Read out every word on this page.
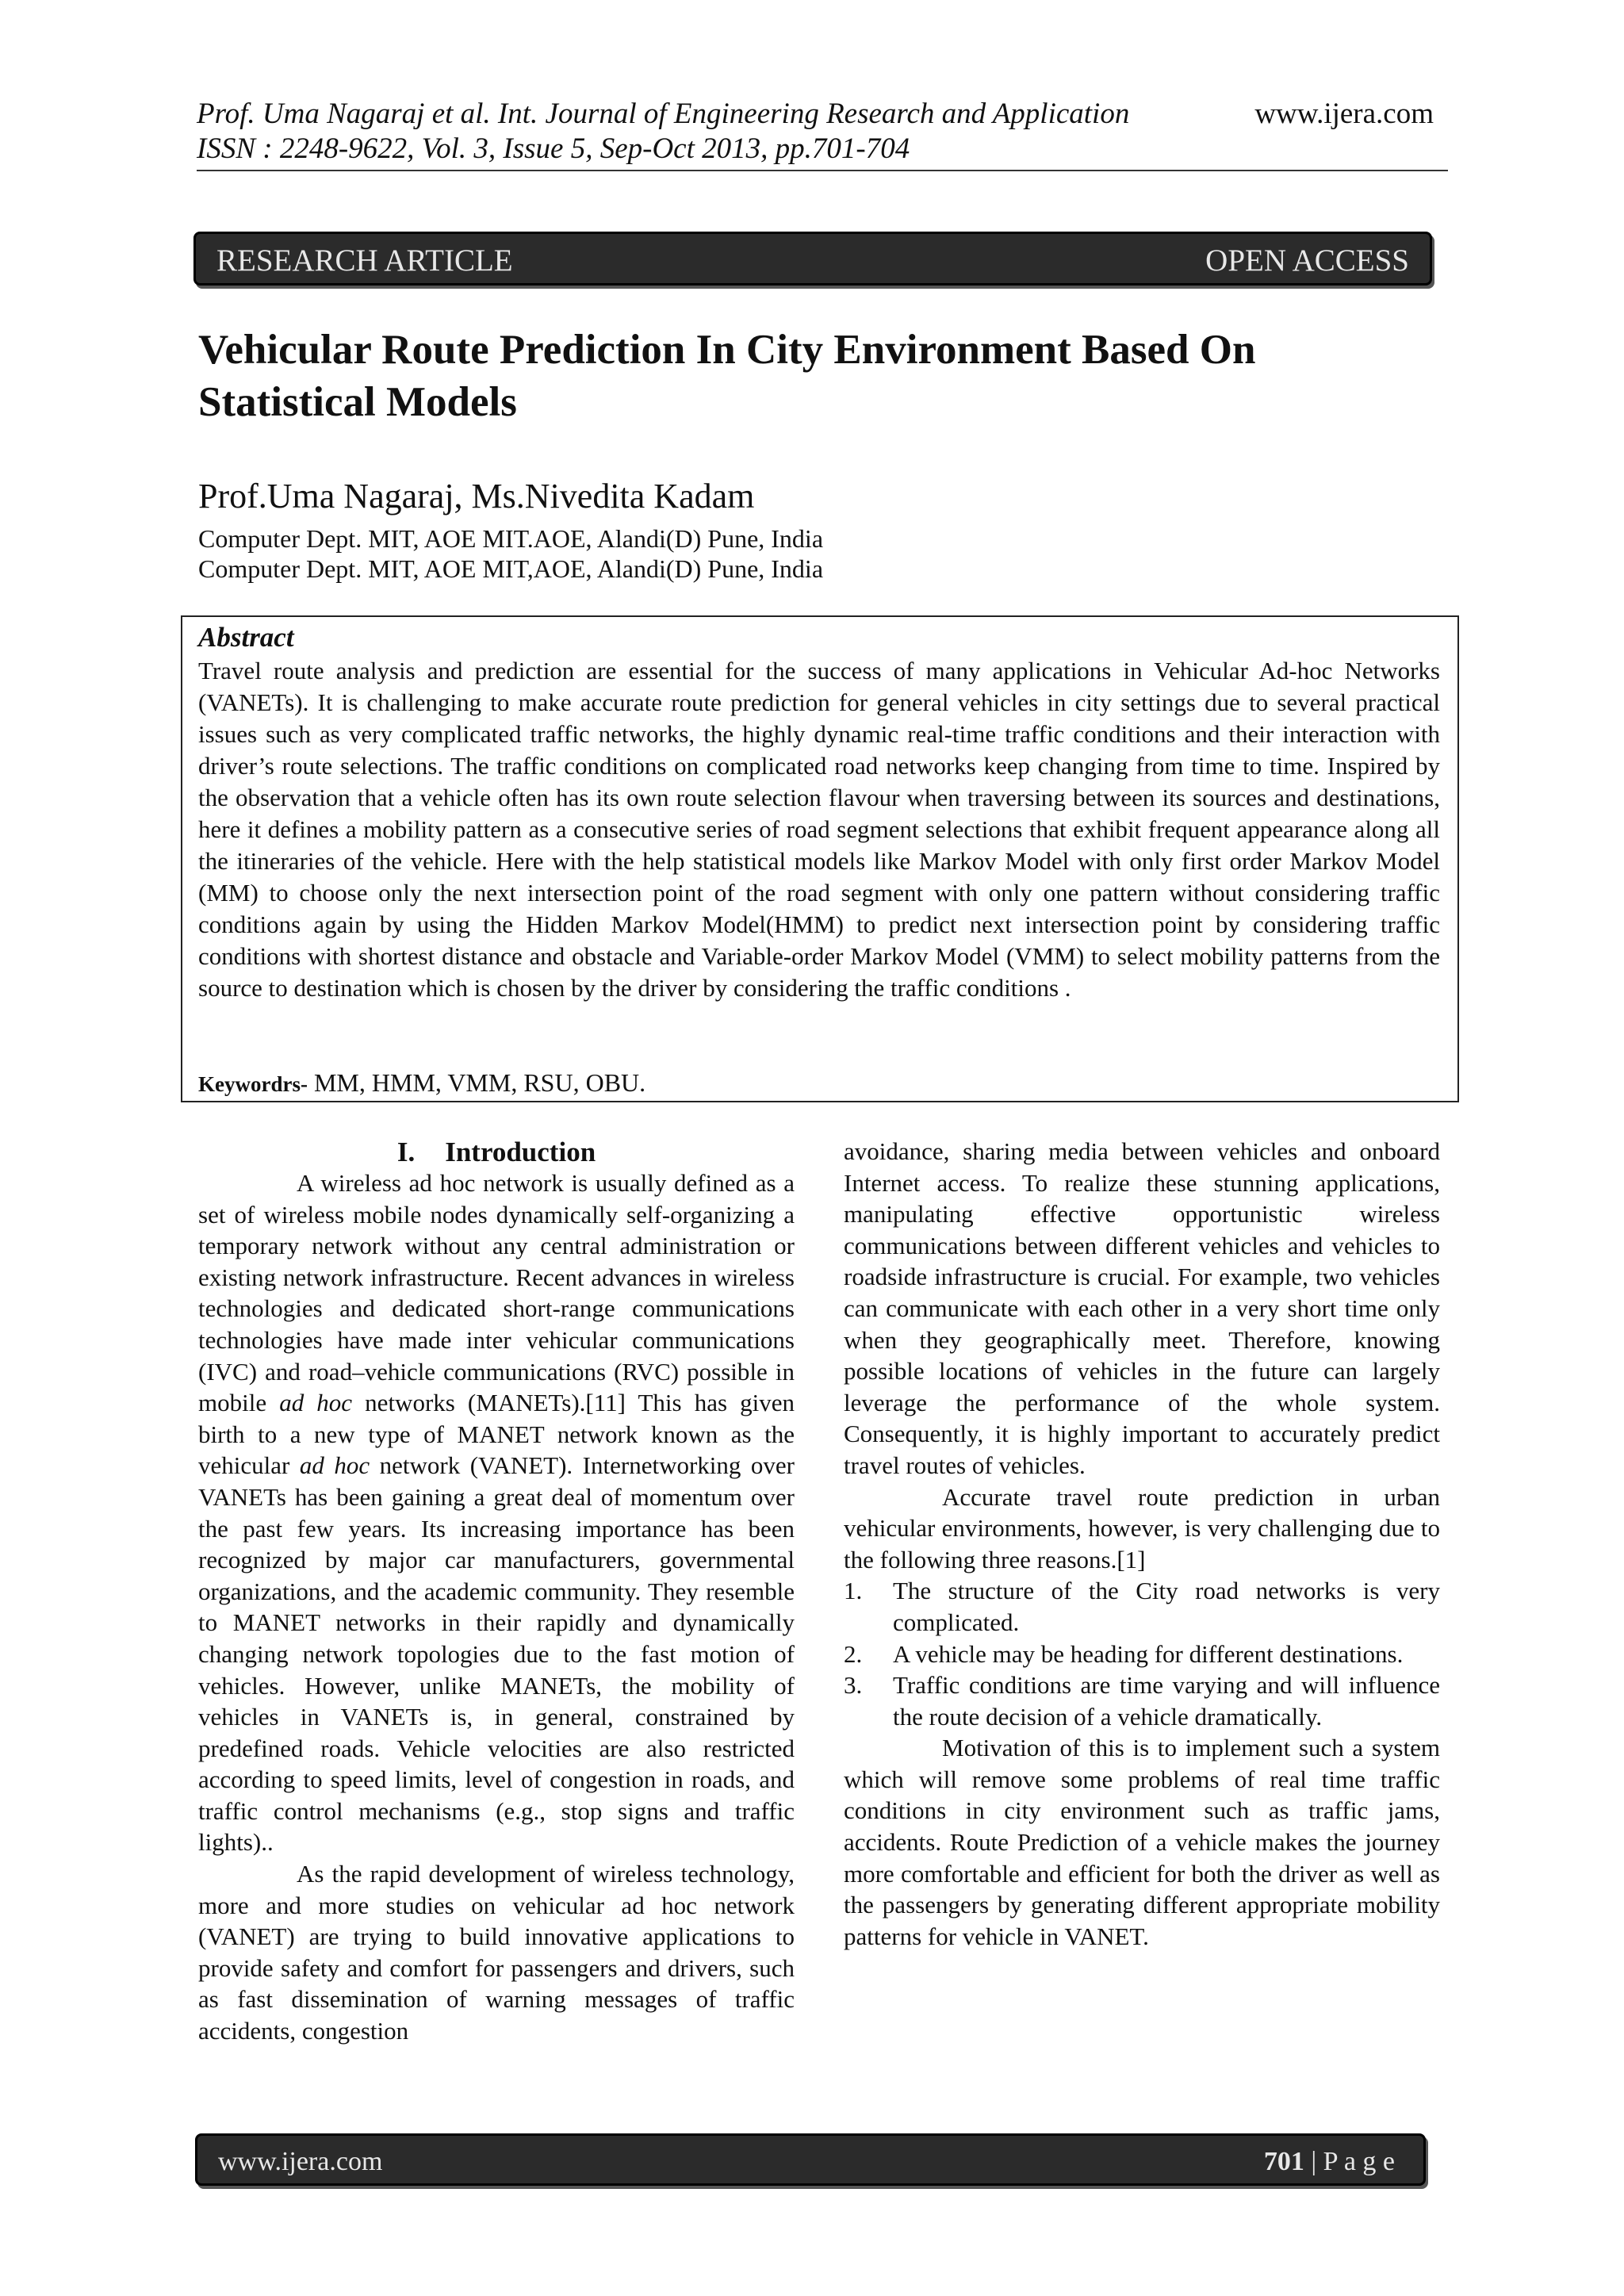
Prof. Uma Nagaraj et al. Int. Journal of Engineering Research and Application
ISSN : 2248-9622, Vol. 3, Issue 5, Sep-Oct 2013, pp.701-704
www.ijera.com
RESEARCH ARTICLE	OPEN ACCESS
Vehicular Route Prediction In City Environment Based On Statistical Models
Prof.Uma Nagaraj, Ms.Nivedita Kadam
Computer Dept. MIT, AOE MIT.AOE, Alandi(D) Pune, India
Computer Dept. MIT, AOE MIT,AOE, Alandi(D) Pune, India
Abstract
Travel route analysis and prediction are essential for the success of many applications in Vehicular Ad-hoc Networks (VANETs). It is challenging to make accurate route prediction for general vehicles in city settings due to several practical issues such as very complicated traffic networks, the highly dynamic real-time traffic conditions and their interaction with driver’s route selections. The traffic conditions on complicated road networks keep changing from time to time. Inspired by the observation that a vehicle often has its own route selection flavour when traversing between its sources and destinations, here it defines a mobility pattern as a consecutive series of road segment selections that exhibit frequent appearance along all the itineraries of the vehicle. Here with the help statistical models like Markov Model with only first order Markov Model (MM) to choose only the next intersection point of the road segment with only one pattern without considering traffic conditions again by using the Hidden Markov Model(HMM) to predict next intersection point by considering traffic conditions with shortest distance and obstacle and Variable-order Markov Model (VMM) to select mobility patterns from the source to destination which is chosen by the driver by considering the traffic conditions .
Keywordrs- MM, HMM, VMM, RSU, OBU.
I. Introduction

A wireless ad hoc network is usually defined as a set of wireless mobile nodes dynamically self-organizing a temporary network without any central administration or existing network infrastructure. Recent advances in wireless technologies and dedicated short-range communications technologies have made inter vehicular communications (IVC) and road–vehicle communications (RVC) possible in mobile ad hoc networks (MANETs).[11] This has given birth to a new type of MANET network known as the vehicular ad hoc network (VANET). Internetworking over VANETs has been gaining a great deal of momentum over the past few years. Its increasing importance has been recognized by major car manufacturers, governmental organizations, and the academic community. They resemble to MANET networks in their rapidly and dynamically changing network topologies due to the fast motion of vehicles. However, unlike MANETs, the mobility of vehicles in VANETs is, in general, constrained by predefined roads. Vehicle velocities are also restricted according to speed limits, level of congestion in roads, and traffic control mechanisms (e.g., stop signs and traffic lights)..

As the rapid development of wireless technology, more and more studies on vehicular ad hoc network (VANET) are trying to build innovative applications to provide safety and comfort for passengers and drivers, such as fast dissemination of warning messages of traffic accidents, congestion

avoidance, sharing media between vehicles and onboard Internet access. To realize these stunning applications, manipulating effective opportunistic wireless communications between different vehicles and vehicles to roadside infrastructure is crucial. For example, two vehicles can communicate with each other in a very short time only when they geographically meet. Therefore, knowing possible locations of vehicles in the future can largely leverage the performance of the whole system. Consequently, it is highly important to accurately predict travel routes of vehicles.

Accurate travel route prediction in urban vehicular environments, however, is very challenging due to the following three reasons.[1]

1. The structure of the City road networks is very complicated.
2. A vehicle may be heading for different destinations.
3. Traffic conditions are time varying and will influence the route decision of a vehicle dramatically.

Motivation of this is to implement such a system which will remove some problems of real time traffic conditions in city environment such as traffic jams, accidents. Route Prediction of a vehicle makes the journey more comfortable and efficient for both the driver as well as the passengers by generating different appropriate mobility patterns for vehicle in VANET.

www.ijera.com	701 | P a g e
